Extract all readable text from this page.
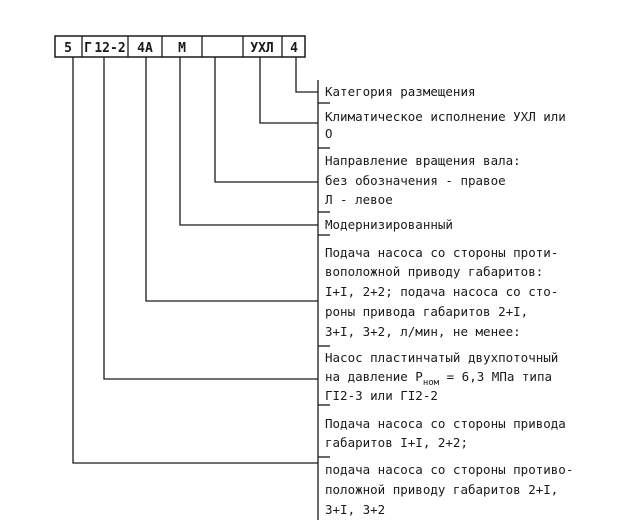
5 Г 12-2 4А М	УХЛ 4
Категория размещения
Климатическое исполнение УХЛ или
О
Направление вращения вала:
без обозначения - правое
Л - левое
Модернизированный
Подача насоса со стороны проти-
воположной приводу габаритов:
I+I, 2+2; подача насоса со сто-
роны привода габаритов 2+I,
3+I, 3+2, л/мин, не менее:
Насос пластинчатый двухпоточный
на давление $P_{ном} = 6,3$ МПа типа
ГI2-3 или ГI2-2
Подача насоса со стороны привода
габаритов I+I, 2+2;
подача насоса со стороны противо-
положной приводу габаритов 2+I,
3+I, 3+2
